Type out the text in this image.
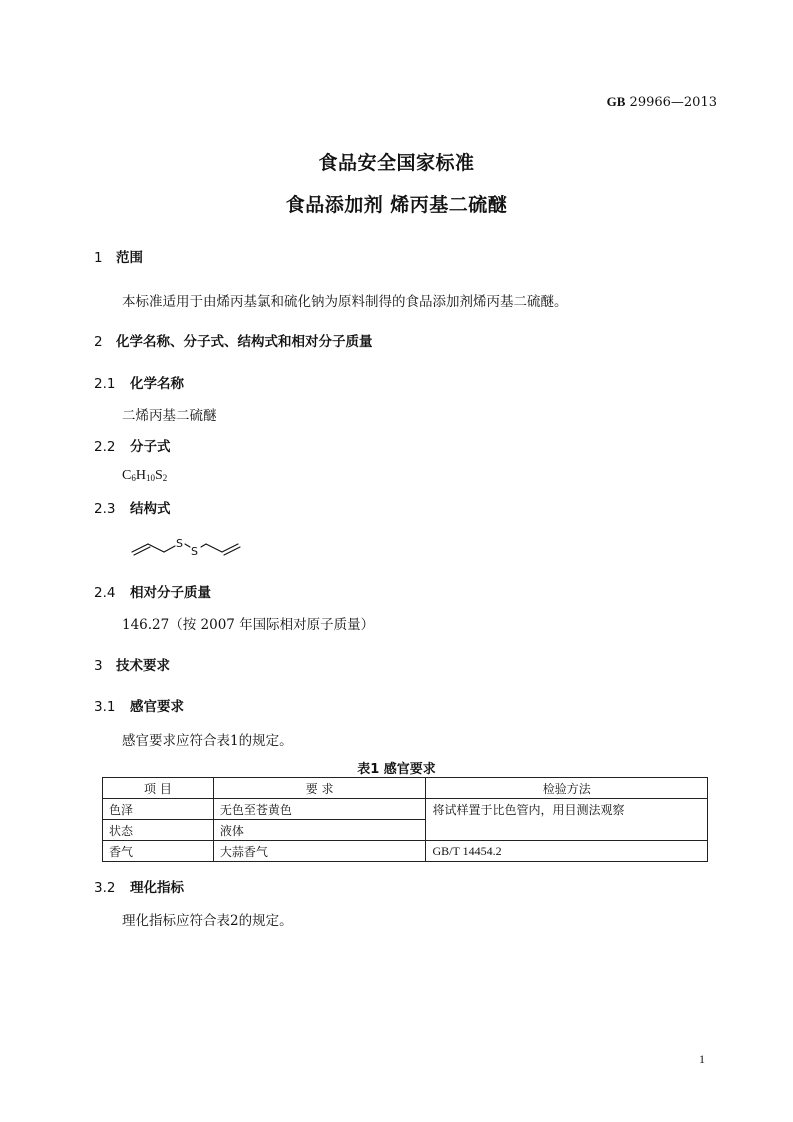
GB 29966—2013
食品安全国家标准
食品添加剂 烯丙基二硫醚
1 范围
本标准适用于由烯丙基氯和硫化钠为原料制得的食品添加剂烯丙基二硫醚。
2 化学名称、分子式、结构式和相对分子质量
2.1 化学名称
二烯丙基二硫醚
2.2 分子式
$C_6H_{10}S_2$
2.3 结构式
S
S
2.4 相对分子质量
146.27（按 2007 年国际相对原子质量）
3 技术要求
3.1 感官要求
感官要求应符合表1的规定。
表1 感官要求
项 目	要 求	检验方法
色泽	无色至苍黄色	将试样置于比色管内，用目测法观察
状态	液体	
香气	大蒜香气	GB/T 14454.2
3.2 理化指标
理化指标应符合表2的规定。
1
